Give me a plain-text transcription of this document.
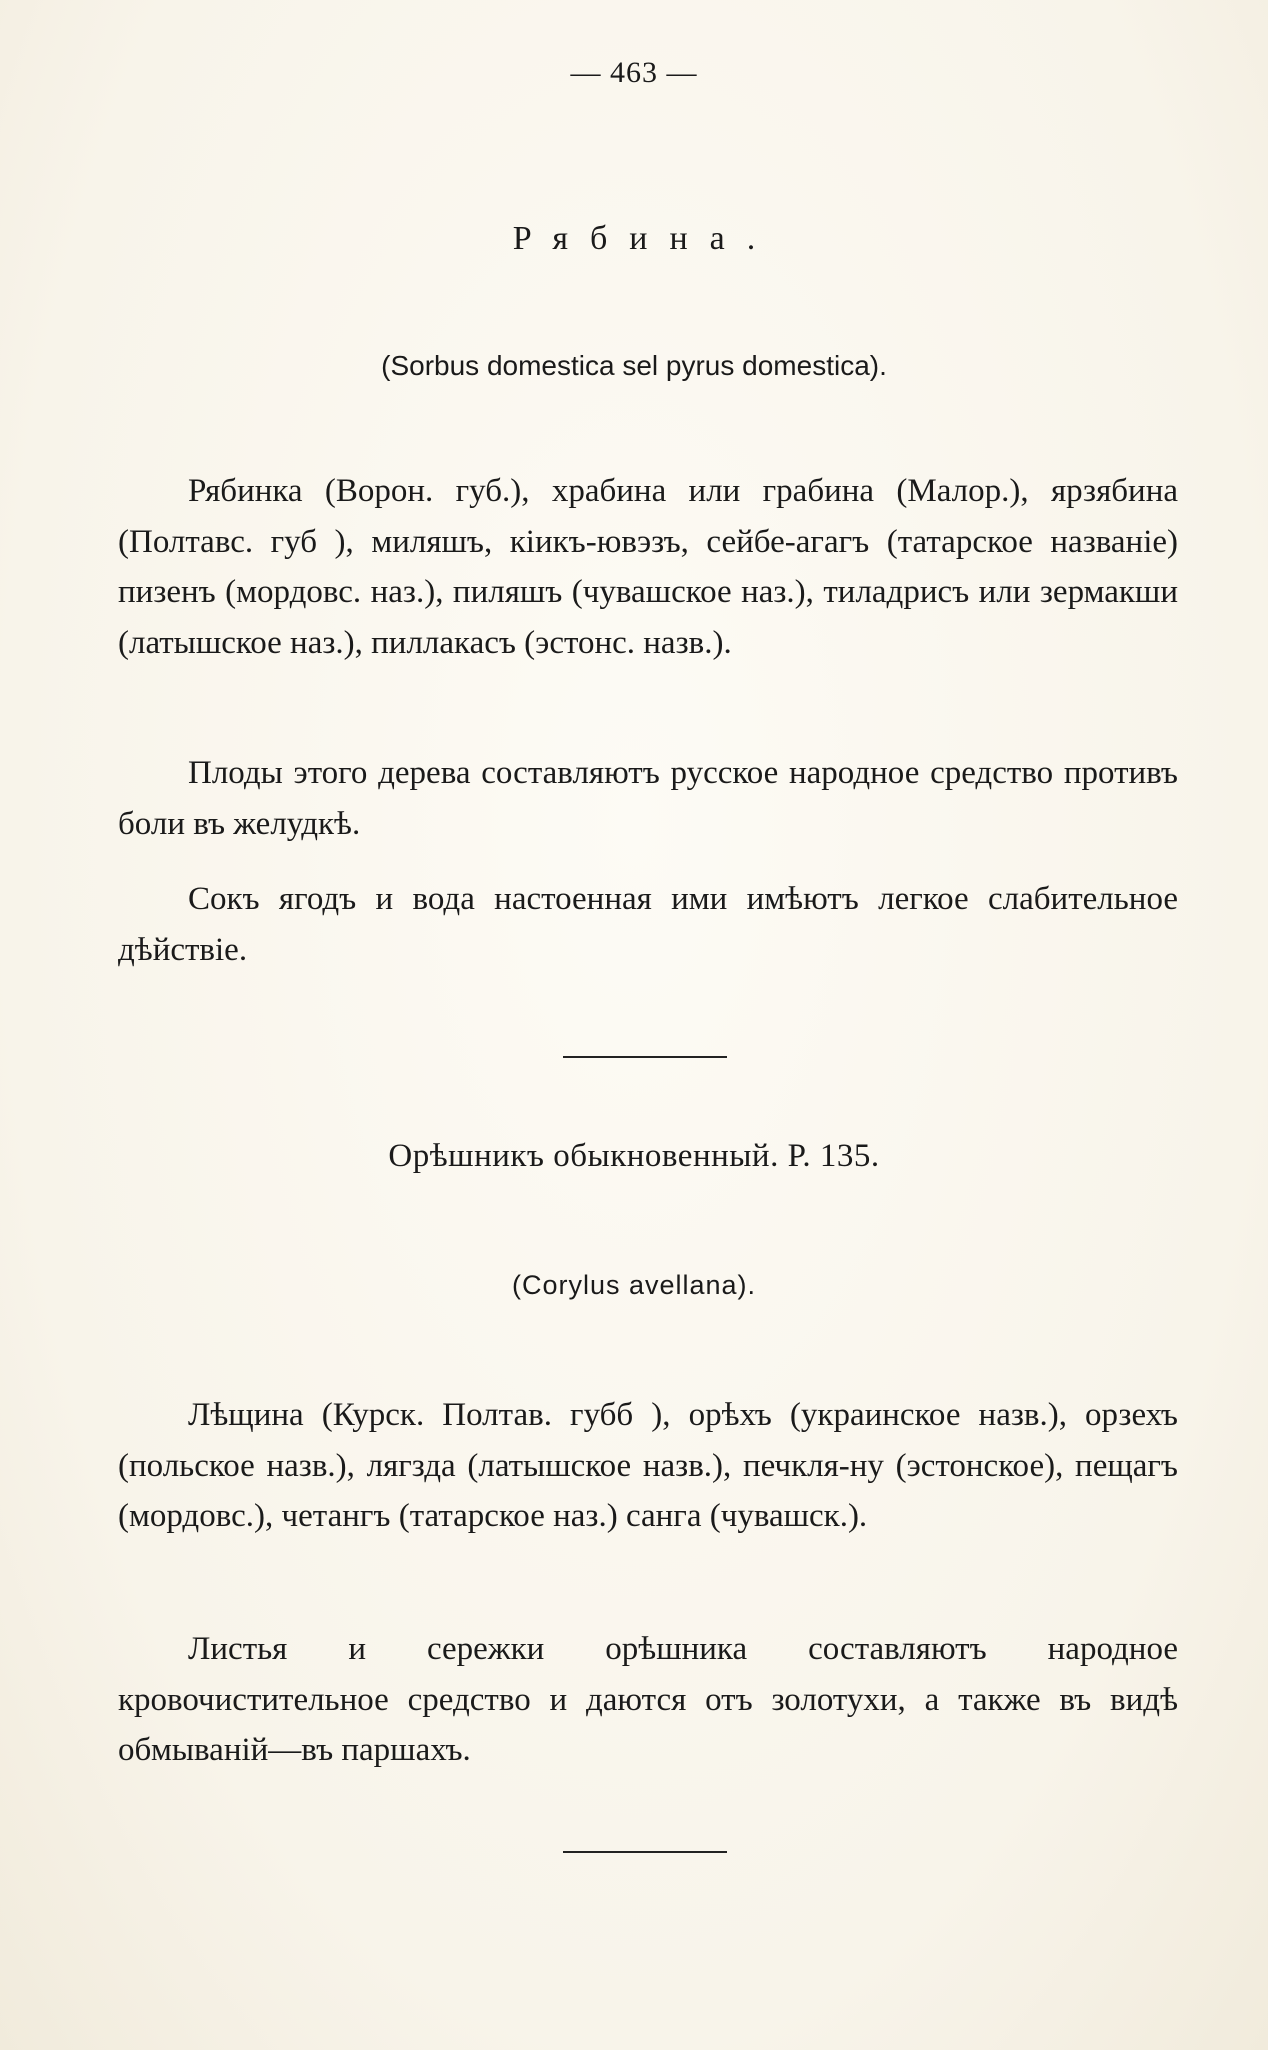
— 463 —
Рябина.
(Sorbus domestica sel pyrus domestica).

Рябинка (Ворон. губ.), храбина или грабина (Малор.), ярзябина (Полтавс. губ ), миляшъ, кiикъ-ювэзъ, сейбе-агагъ (татарское названiе) пизенъ (мордовс. наз.), пиляшъ (чувашское наз.), тиладрисъ или зермакши (латышское наз.), пиллакасъ (эстонс. назв.).

Плоды этого дерева составляютъ русское народное средство противъ боли въ желудкѣ.

Сокъ ягодъ и вода настоенная ими имѣютъ легкое слабительное дѣйствiе.

Орѣшникъ обыкновенный. Р. 135.
(Corylus avellana).

Лѣщина (Курск. Полтав. губб ), орѣхъ (украинское назв.), орзехъ (польское назв.), лягзда (латышское назв.), печкля-ну (эстонское), пещагъ (мордовс.), четангъ (татарское наз.) санга (чувашск.).

Листья и сережки орѣшника составляютъ народное кровочистительное средство и даются отъ золотухи, а также въ видѣ обмыванiй—въ паршахъ.
